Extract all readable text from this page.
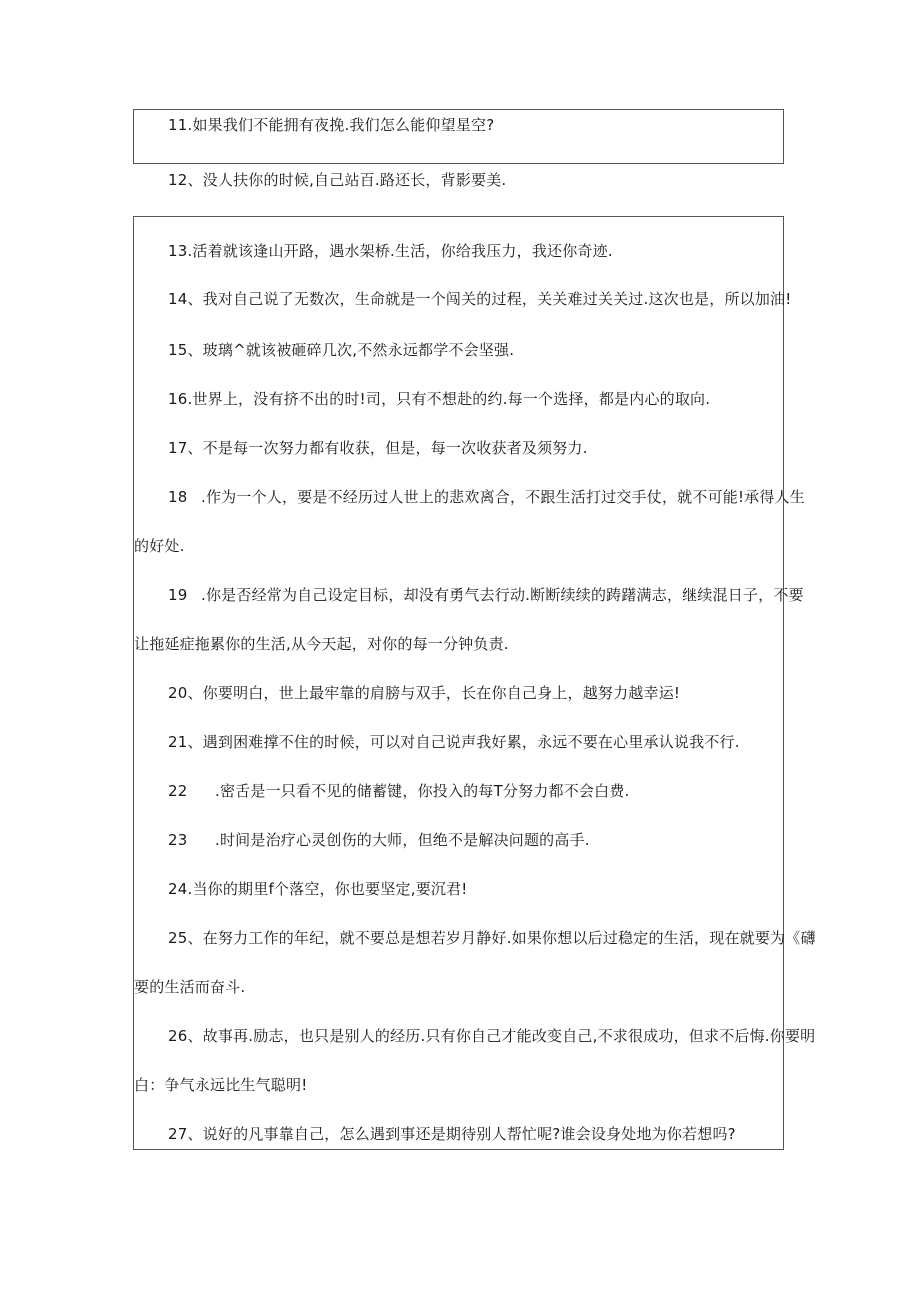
11.如果我们不能拥有夜挽.我们怎么能仰望星空?
12、没人扶你的时候,自己站百.路还长，背影要美.
13.活着就该逢山开路，遇水架桥.生活，你给我压力，我还你奇迹.
14、我对自己说了无数次，生命就是一个闯关的过程，关关难过关关过.这次也是，所以加油!
15、玻璃^就该被砸碎几次,不然永远都学不会坚强.
16.世界上，没有挤不出的时!司，只有不想赴的约.每一个选择，都是内心的取向.
17、不是每一次努力都有收获，但是，每一次收获者及须努力.
18 .作为一个人，要是不经历过人世上的悲欢离合，不跟生活打过交手仗，就不可能!承得人生
的好处.
19 .你是否经常为自己设定目标，却没有勇气去行动.断断续续的踌躇满志，继续混日子，不要
让拖延症拖累你的生活,从今天起，对你的每一分钟负责.
20、你要明白，世上最牢靠的肩膀与双手，长在你自己身上，越努力越幸运!
21、遇到困难撑不住的时候，可以对自己说声我好累，永远不要在心里承认说我不行.
22 .密舌是一只看不见的储蓄键，你投入的每T分努力都不会白费.
23 .时间是治疗心灵创伤的大师，但绝不是解决问题的高手.
24.当你的期里f个落空，你也要坚定,要沉君!
25、在努力工作的年纪，就不要总是想若岁月静好.如果你想以后过稳定的生活，现在就要为《礴
要的生活而奋斗.
26、故事再.励志，也只是别人的经历.只有你自己才能改变自己,不求很成功，但求不后悔.你要明
白：争气永远比生气聪明!
27、说好的凡事靠自己，怎么遇到事还是期待别人帮忙呢?谁会设身处地为你若想吗?
